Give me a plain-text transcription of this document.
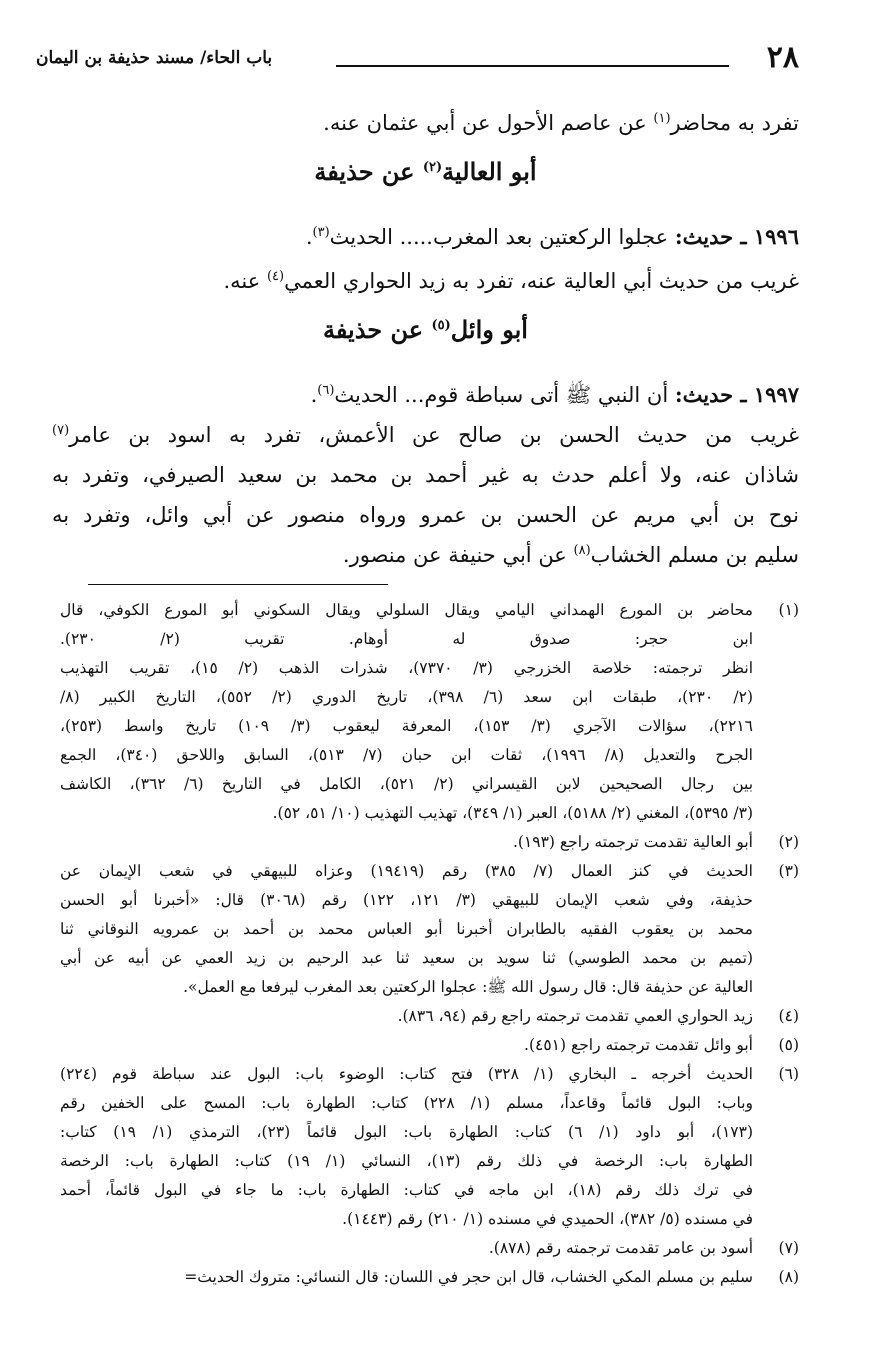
٢٨
باب الحاء/ مسند حذيفة بن اليمان

تفرد به محاضر$^{(١)}$ عن عاصم الأحول عن أبي عثمان عنه.

أبو العالية$^{(٢)}$ عن حذيفة

١٩٩٦ ـ حديث: عجلوا الركعتين بعد المغرب..... الحديث$^{(٣)}$.

غريب من حديث أبي العالية عنه، تفرد به زيد الحواري العمي$^{(٤)}$ عنه.

أبو وائل$^{(٥)}$ عن حذيفة

١٩٩٧ ـ حديث: أن النبي ﷺ أتى سباطة قوم... الحديث$^{(٦)}$.

غريب من حديث الحسن بن صالح عن الأعمش، تفرد به اسود بن عامر$^{(٧)}$

شاذان عنه، ولا أعلم حدث به غير أحمد بن محمد بن سعيد الصيرفي، وتفرد به

نوح بن أبي مريم عن الحسن بن عمرو ورواه منصور عن أبي وائل، وتفرد به

سليم بن مسلم الخشاب$^{(٨)}$ عن أبي حنيفة عن منصور.

(١)
محاضر بن المورع الهمداني اليامي ويقال السلولي ويقال السكوني أبو المورع الكوفي، قال
ابن حجر: صدوق له أوهام. تقريب (٢/ ٢٣٠).
انظر ترجمته: خلاصة الخزرجي (٣/ ٧٣٧٠)، شذرات الذهب (٢/ ١٥)، تقريب التهذيب
(٢/ ٢٣٠)، طبقات ابن سعد (٦/ ٣٩٨)، تاريخ الدوري (٢/ ٥٥٢)، التاريخ الكبير (٨/
٢٢١٦)، سؤالات الآجري (٣/ ١٥٣)، المعرفة ليعقوب (٣/ ١٠٩) تاريخ واسط (٢٥٣)،
الجرح والتعديل (٨/ ١٩٩٦)، ثقات ابن حبان (٧/ ٥١٣)، السابق واللاحق (٣٤٠)، الجمع
بين رجال الصحيحين لابن القيسراني (٢/ ٥٢١)، الكامل في التاريخ (٦/ ٣٦٢)، الكاشف
(٣/ ٥٣٩٥)، المغني (٢/ ٥١٨٨)، العبر (١/ ٣٤٩)، تهذيب التهذيب (١٠/ ٥١، ٥٢).
(٢)
أبو العالية تقدمت ترجمته راجع (١٩٣).
(٣)
الحديث في كنز العمال (٧/ ٣٨٥) رقم (١٩٤١٩) وعزاه للبيهقي في شعب الإيمان عن
حذيفة، وفي شعب الإيمان للبيهقي (٣/ ١٢١، ١٢٢) رقم (٣٠٦٨) قال: «أخبرنا أبو الحسن
محمد بن يعقوب الفقيه بالطابران أخبرنا أبو العباس محمد بن أحمد بن عمرويه النوقاني ثنا
(تميم بن محمد الطوسي) ثنا سويد بن سعيد ثنا عبد الرحيم بن زيد العمي عن أبيه عن أبي
العالية عن حذيفة قال: قال رسول الله ﷺ: عجلوا الركعتين بعد المغرب ليرفعا مع العمل».
(٤)
زيد الحواري العمي تقدمت ترجمته راجع رقم (٩٤، ٨٣٦).
(٥)
أبو وائل تقدمت ترجمته راجع (٤٥١).
(٦)
الحديث أخرجه ـ البخاري (١/ ٣٢٨) فتح كتاب: الوضوء باب: البول عند سباطة قوم (٢٢٤)
وباب: البول قائماً وقاعداً، مسلم (١/ ٢٢٨) كتاب: الطهارة باب: المسح على الخفين رقم
(١٧٣)، أبو داود (١/ ٦) كتاب: الطهارة باب: البول قائماً (٢٣)، الترمذي (١/ ١٩) كتاب:
الطهارة باب: الرخصة في ذلك رقم (١٣)، النسائي (١/ ١٩) كتاب: الطهارة باب: الرخصة
في ترك ذلك رقم (١٨)، ابن ماجه في كتاب: الطهارة باب: ما جاء في البول قائماً، أحمد
في مسنده (٥/ ٣٨٢)، الحميدي في مسنده (١/ ٢١٠) رقم (١٤٤٣).
(٧)
أسود بن عامر تقدمت ترجمته رقم (٨٧٨).
(٨)
سليم بن مسلم المكي الخشاب، قال ابن حجر في اللسان: قال النسائي: متروك الحديث=
